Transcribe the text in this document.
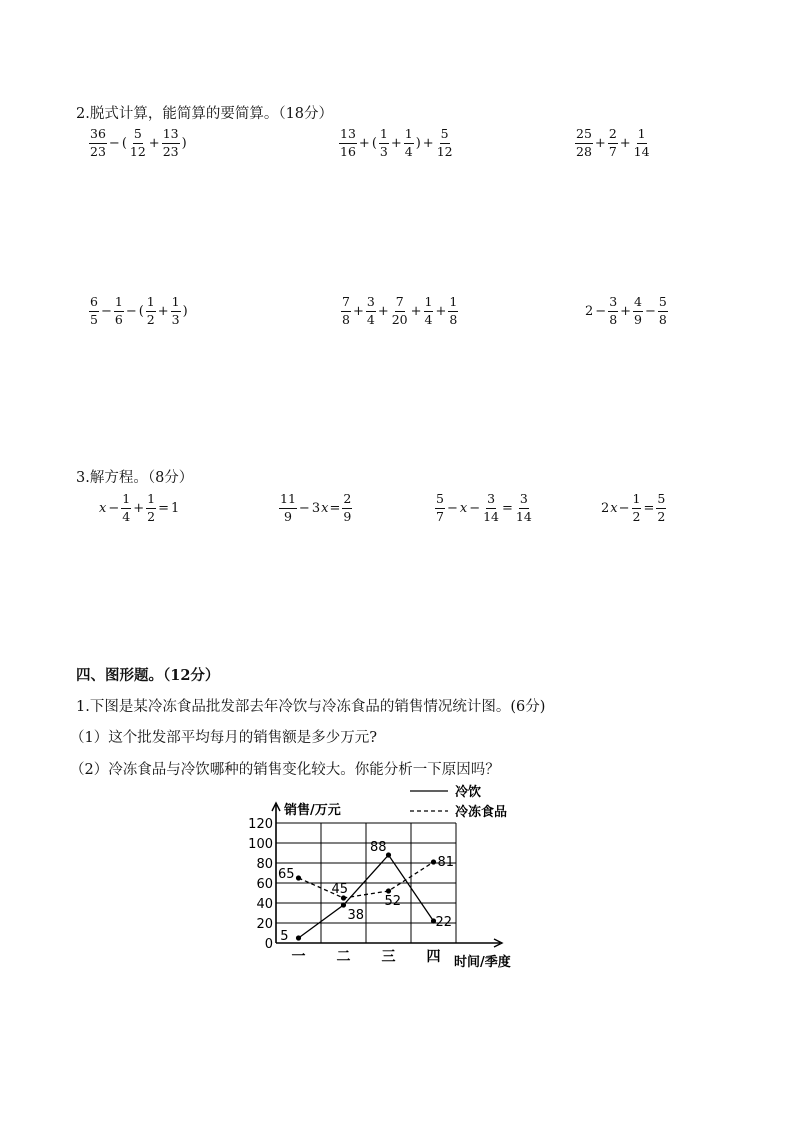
2.脱式计算，能简算的要简算。（18分）
$\frac{36}{23}$ − ( $\frac{5}{12} + \frac{13}{23}$ )	$\frac{13}{16}$ + ( $\frac{1}{3} + \frac{1}{4}$ ) + $\frac{5}{12}$	$\frac{25}{28} + \frac{2}{7} + \frac{1}{14}$
$\frac{6}{5} - \frac{1}{6}$ − ( $\frac{1}{2} + \frac{1}{3}$ )	$\frac{7}{8} + \frac{3}{4} + \frac{7}{20} + \frac{1}{4} + \frac{1}{8}$	$2 - \frac{3}{8} + \frac{4}{9} - \frac{5}{8}$
3.解方程。（8分）
$x - \frac{1}{4} + \frac{1}{2} = 1$	$\frac{11}{9} - 3$ $x = \frac{2}{9}$	$\frac{5}{7} - x - \frac{3}{14} = \frac{3}{14}$	2 $x - \frac{1}{2} = \frac{5}{2}$
四、图形题。（12分）
1.下图是某冷冻食品批发部去年冷饮与冷冻食品的销售情况统计图。(6分)
（1）这个批发部平均每月的销售额是多少万元?
（2）冷冻食品与冷饮哪种的销售变化较大。你能分析一下原因吗？
0
20
40
60
80
100
120
一 二 三 四
5
38
88
22
65
45
52
81
冷饮
冷冻食品
销售/万元
时间/季度
